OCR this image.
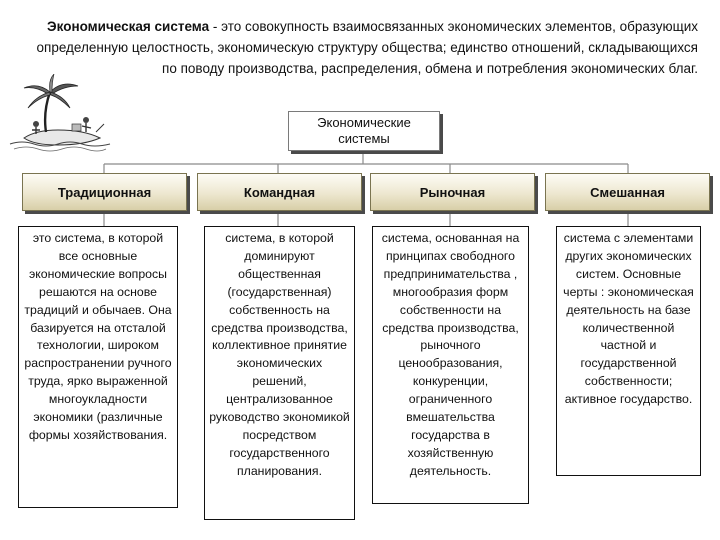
Экономическая система - это совокупность взаимосвязанных экономических элементов, образующих определенную целостность, экономическую структуру общества; единство отношений, складывающихся по поводу производства, распределения, обмена и потребления экономических благ.
Экономические
системы
Традиционная	Командная	Рыночная	Смешанная
это система, в которой все основные экономические вопросы решаются на основе традиций и обычаев. Она базируется на отсталой технологии, широком распространении ручного труда, ярко выраженной многоукладности экономики (различные формы хозяйствования.
система, в которой доминируют общественная (государственная) собственность на средства производства, коллективное принятие экономических решений, централизованное руководство экономикой посредством государственного планирования.
система, основанная на принципах свободного предпринимательства , многообразия форм собственности на средства производства, рыночного ценообразования, конкуренции, ограниченного вмешательства государства в хозяйственную деятельность.
система с элементами других экономических систем. Основные черты : экономическая деятельность на базе количественной частной и государственной собственности; активное государство.
